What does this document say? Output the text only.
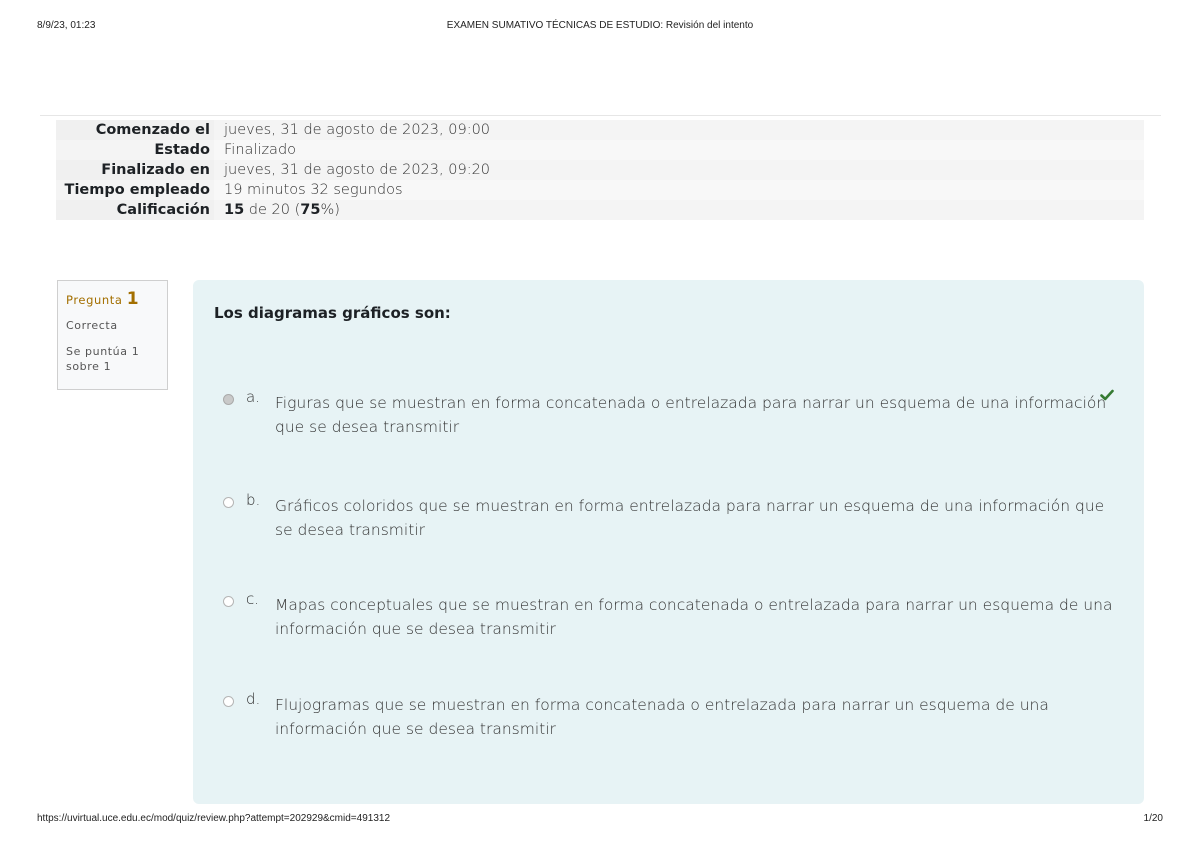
8/9/23, 01:23	EXAMEN SUMATIVO TÉCNICAS DE ESTUDIO: Revisión del intento
Comenzado el	jueves, 31 de agosto de 2023, 09:00
Estado	Finalizado
Finalizado en	jueves, 31 de agosto de 2023, 09:20
Tiempo empleado	19 minutos 32 segundos
Calificación	15 de 20 (75%)
Pregunta 1
Correcta
Se puntúa 1 sobre 1
Los diagramas gráficos son:
a. Figuras que se muestran en forma concatenada o entrelazada para narrar un esquema de una información que se desea transmitir
b. Gráficos coloridos que se muestran en forma entrelazada para narrar un esquema de una información que se desea transmitir
c. Mapas conceptuales que se muestran en forma concatenada o entrelazada para narrar un esquema de una información que se desea transmitir
d. Flujogramas que se muestran en forma concatenada o entrelazada para narrar un esquema de una información que se desea transmitir
https://uvirtual.uce.edu.ec/mod/quiz/review.php?attempt=202929&cmid=491312	1/20
